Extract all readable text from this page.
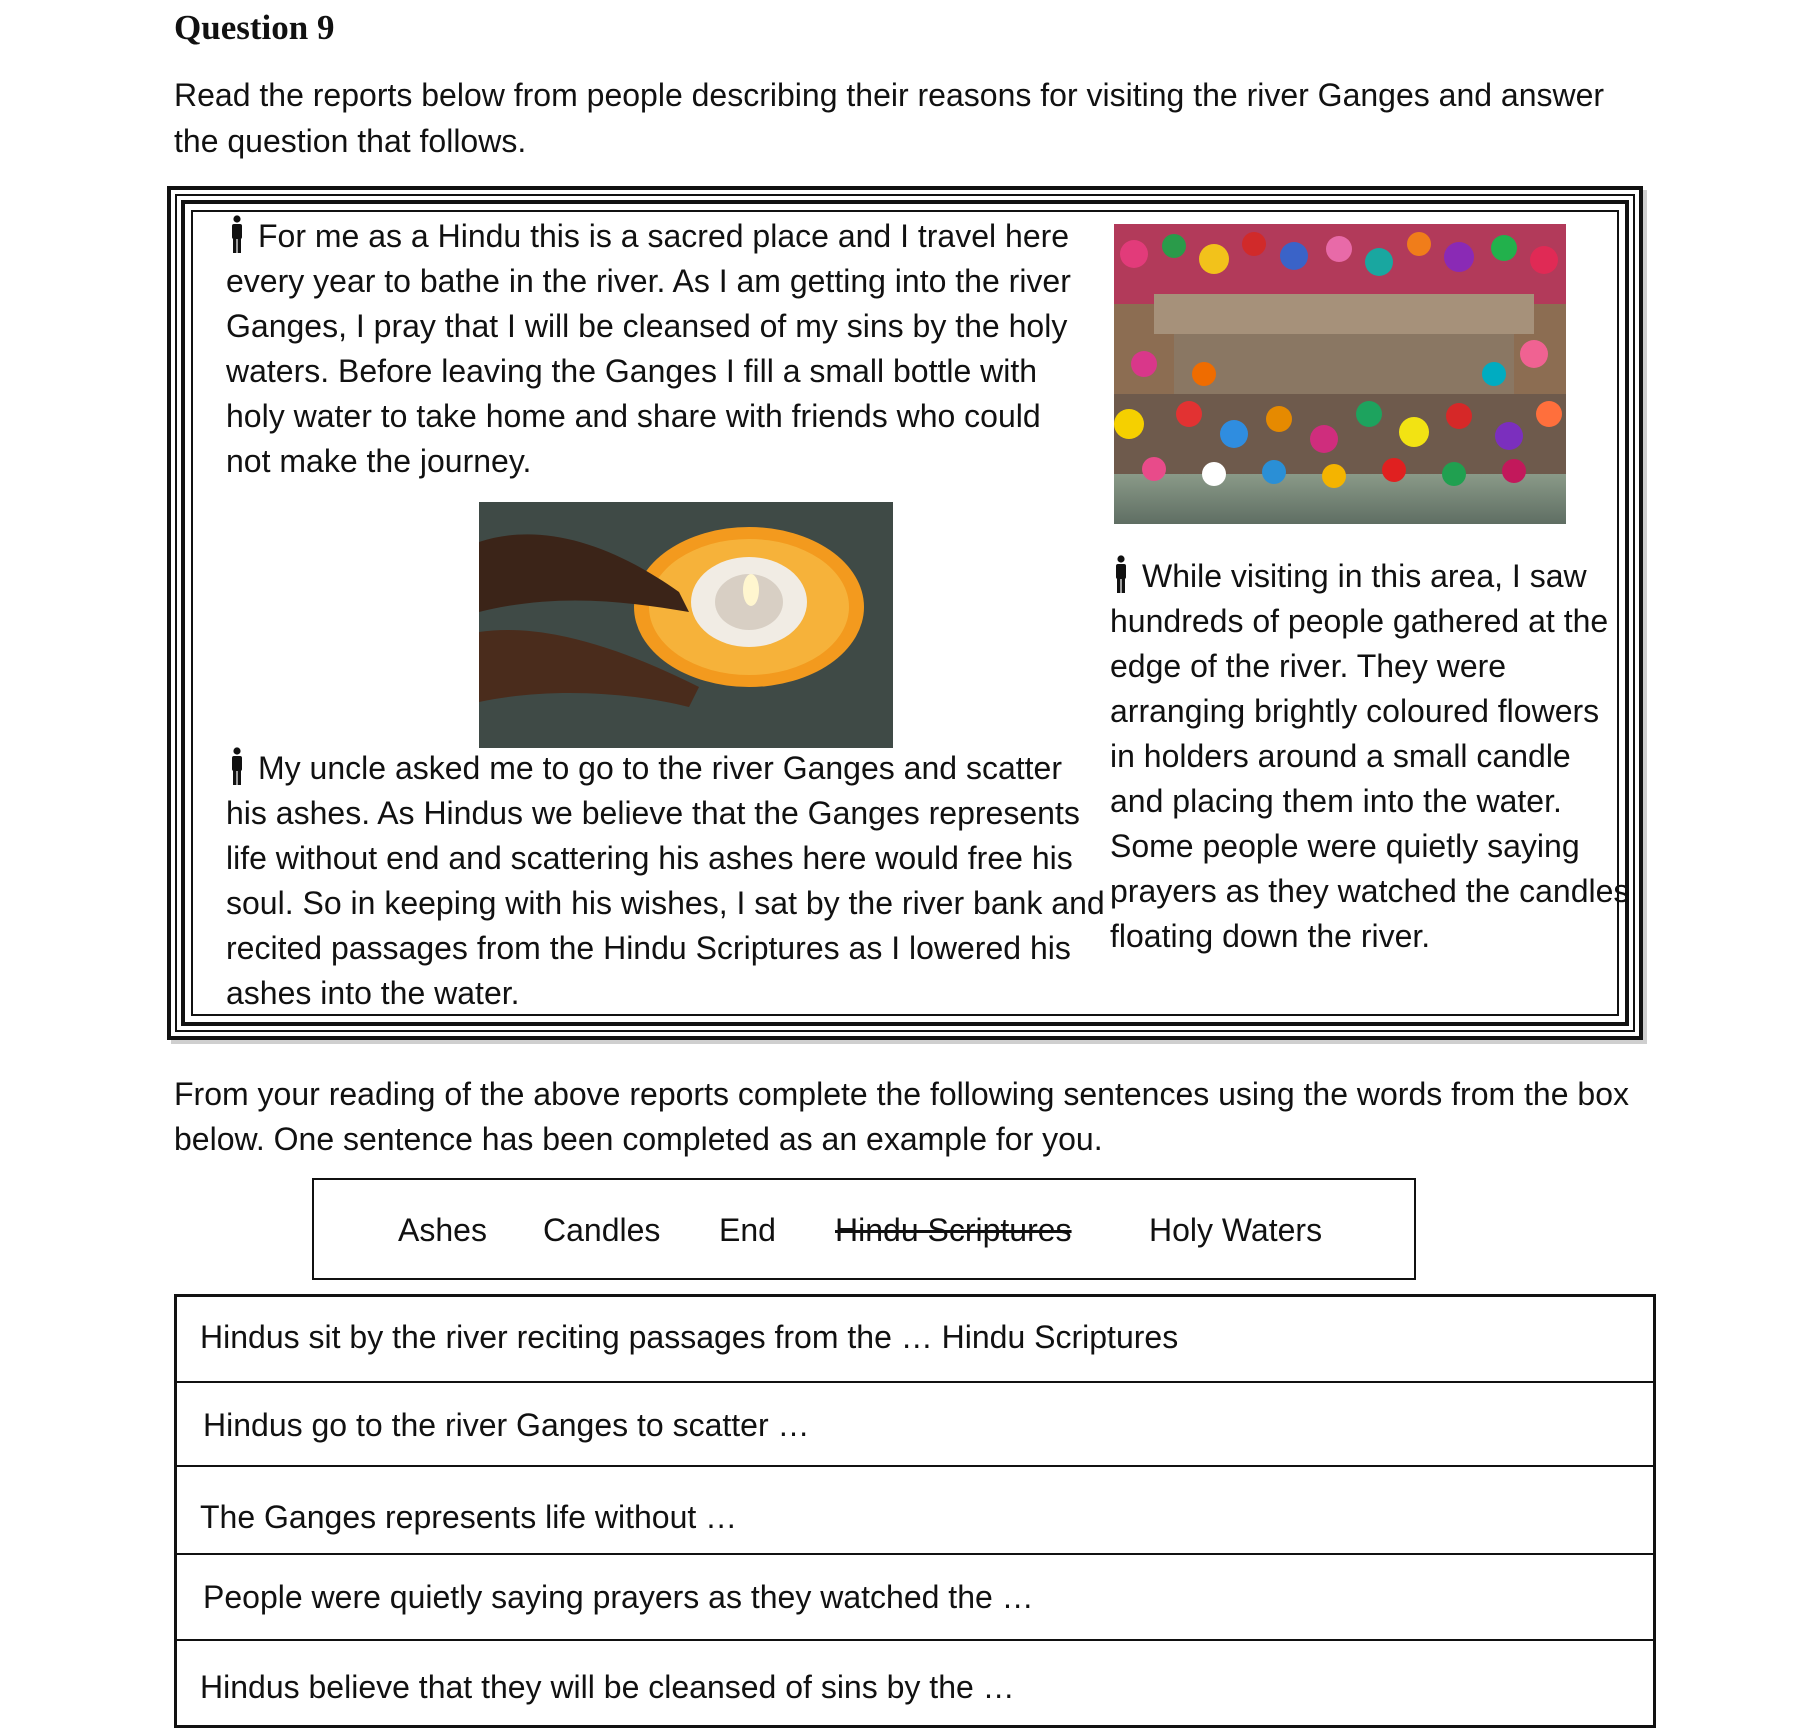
Question 9

Read the reports below from people describing their reasons for visiting the river Ganges and answer the question that follows.

For me as a Hindu this is a sacred place and I travel here every year to bathe in the river. As I am getting into the river Ganges, I pray that I will be cleansed of my sins by the holy waters. Before leaving the Ganges I fill a small bottle with holy water to take home and share with friends who could not make the journey.

My uncle asked me to go to the river Ganges and scatter his ashes. As Hindus we believe that the Ganges represents life without end and scattering his ashes here would free his soul. So in keeping with his wishes, I sat by the river bank and recited passages from the Hindu Scriptures as I lowered his ashes into the water.

While visiting in this area, I saw hundreds of people gathered at the edge of the river. They were arranging brightly coloured flowers in holders around a small candle and placing them into the water. Some people were quietly saying prayers as they watched the candles floating down the river.

From your reading of the above reports complete the following sentences using the words from the box below. One sentence has been completed as an example for you.

Ashes Candles End Hindu Scriptures Holy Waters
Hindus sit by the river reciting passages from the … Hindu Scriptures
Hindus go to the river Ganges to scatter …
The Ganges represents life without …
People were quietly saying prayers as they watched the …
Hindus believe that they will be cleansed of sins by the …
